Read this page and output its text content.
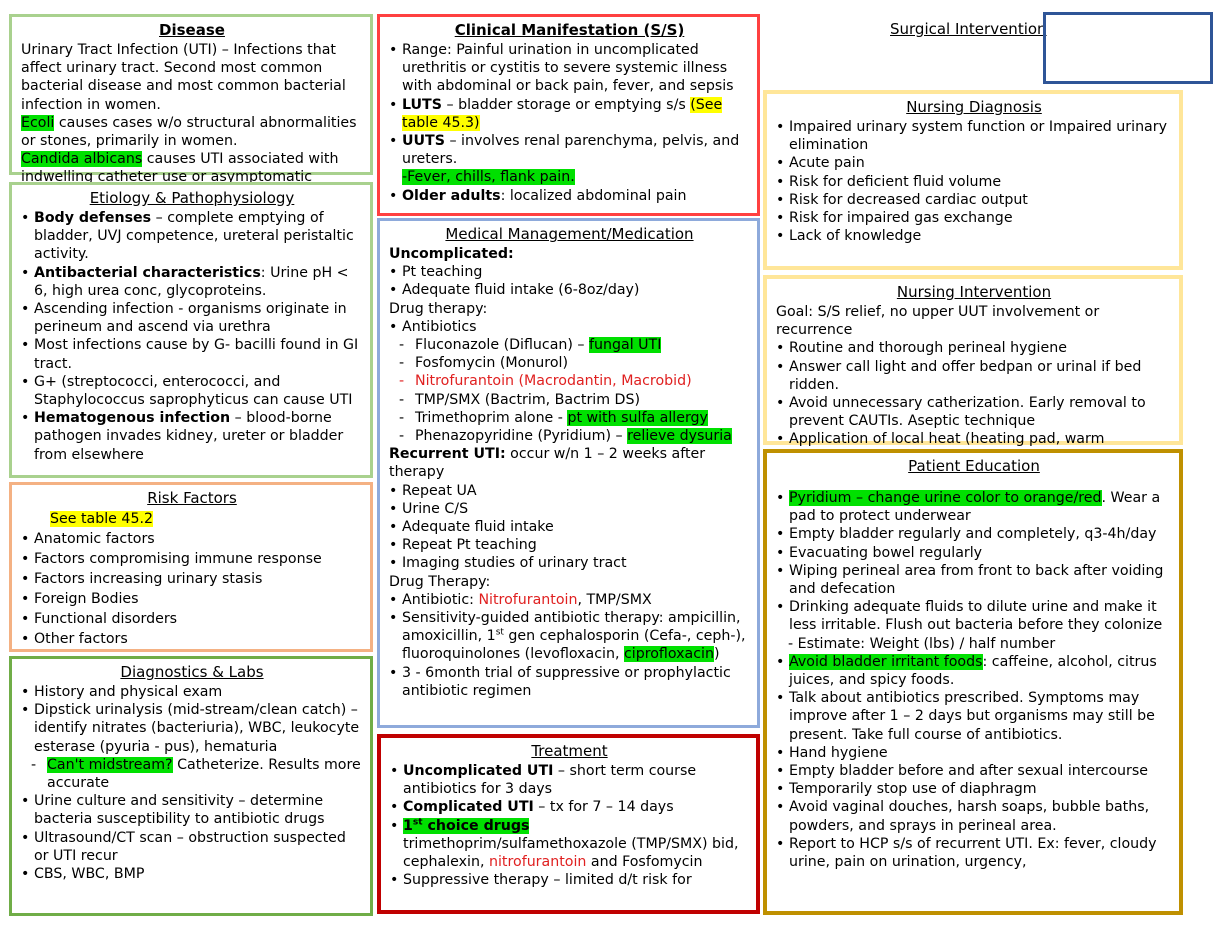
Disease

Urinary Tract Infection (UTI) – Infections that affect urinary tract. Second most common bacterial disease and most common bacterial infection in women.
Ecoli causes cases w/o structural abnormalities or stones, primarily in women.
Candida albicans causes UTI associated with indwelling catheter use or asymptomatic

Etiology & Pathophysiology
• Body defenses – complete emptying of bladder, UVJ competence, ureteral peristaltic activity.
• Antibacterial characteristics: Urine pH < 6, high urea conc, glycoproteins.
• Ascending infection - organisms originate in perineum and ascend via urethra
• Most infections cause by G- bacilli found in GI tract.
• G+ (streptococci, enterococci, and Staphylococcus saprophyticus can cause UTI
• Hematogenous infection – blood-borne pathogen invades kidney, ureter or bladder from elsewhere
Risk Factors

See table 45.2

• Anatomic factors
• Factors compromising immune response
• Factors increasing urinary stasis
• Foreign Bodies
• Functional disorders
• Other factors
Diagnostics & Labs
• History and physical exam
• Dipstick urinalysis (mid-stream/clean catch) – identify nitrates (bacteriuria), WBC, leukocyte esterase (pyuria - pus), hematuria
- Can't midstream? Catheterize. Results more accurate
• Urine culture and sensitivity – determine bacteria susceptibility to antibiotic drugs
• Ultrasound/CT scan – obstruction suspected or UTI recur
• CBS, WBC, BMP
Clinical Manifestation (S/S)
• Range: Painful urination in uncomplicated urethritis or cystitis to severe systemic illness with abdominal or back pain, fever, and sepsis
• LUTS – bladder storage or emptying s/s (See table 45.3)
• UUTS – involves renal parenchyma, pelvis, and ureters.
-Fever, chills, flank pain.
• Older adults: localized abdominal pain
Medical Management/Medication

Uncomplicated:

• Pt teaching
• Adequate fluid intake (6-8oz/day)

Drug therapy:

• Antibiotics
- Fluconazole (Diflucan) – fungal UTI
- Fosfomycin (Monurol)
- Nitrofurantoin (Macrodantin, Macrobid)
- TMP/SMX (Bactrim, Bactrim DS)
- Trimethoprim alone - pt with sulfa allergy
- Phenazopyridine (Pyridium) – relieve dysuria

Recurrent UTI: occur w/n 1 – 2 weeks after therapy

• Repeat UA
• Urine C/S
• Adequate fluid intake
• Repeat Pt teaching
• Imaging studies of urinary tract

Drug Therapy:

• Antibiotic: Nitrofurantoin, TMP/SMX
• Sensitivity-guided antibiotic therapy: ampicillin, amoxicillin, 1st gen cephalosporin (Cefa-, ceph-), fluoroquinolones (levofloxacin, ciprofloxacin)
• 3 - 6month trial of suppressive or prophylactic antibiotic regimen
Treatment
• Uncomplicated UTI – short term course antibiotics for 3 days
• Complicated UTI – tx for 7 – 14 days
• 1st choice drugs
trimethoprim/sulfamethoxazole (TMP/SMX) bid, cephalexin, nitrofurantoin and Fosfomycin
• Suppressive therapy – limited d/t risk for
Surgical Intervention
Nursing Diagnosis
• Impaired urinary system function or Impaired urinary elimination
• Acute pain
• Risk for deficient fluid volume
• Risk for decreased cardiac output
• Risk for impaired gas exchange
• Lack of knowledge
Nursing Intervention

Goal: S/S relief, no upper UUT involvement or recurrence

• Routine and thorough perineal hygiene
• Answer call light and offer bedpan or urinal if bed ridden.
• Avoid unnecessary catherization. Early removal to prevent CAUTIs. Aseptic technique
• Application of local heat (heating pad, warm
Patient Education
• Pyridium – change urine color to orange/red. Wear a pad to protect underwear
• Empty bladder regularly and completely, q3-4h/day
• Evacuating bowel regularly
• Wiping perineal area from front to back after voiding and defecation
• Drinking adequate fluids to dilute urine and make it less irritable. Flush out bacteria before they colonize
- Estimate: Weight (lbs) / half number
• Avoid bladder irritant foods: caffeine, alcohol, citrus juices, and spicy foods.
• Talk about antibiotics prescribed. Symptoms may improve after 1 – 2 days but organisms may still be present. Take full course of antibiotics.
• Hand hygiene
• Empty bladder before and after sexual intercourse
• Temporarily stop use of diaphragm
• Avoid vaginal douches, harsh soaps, bubble baths, powders, and sprays in perineal area.
• Report to HCP s/s of recurrent UTI. Ex: fever, cloudy urine, pain on urination, urgency,
